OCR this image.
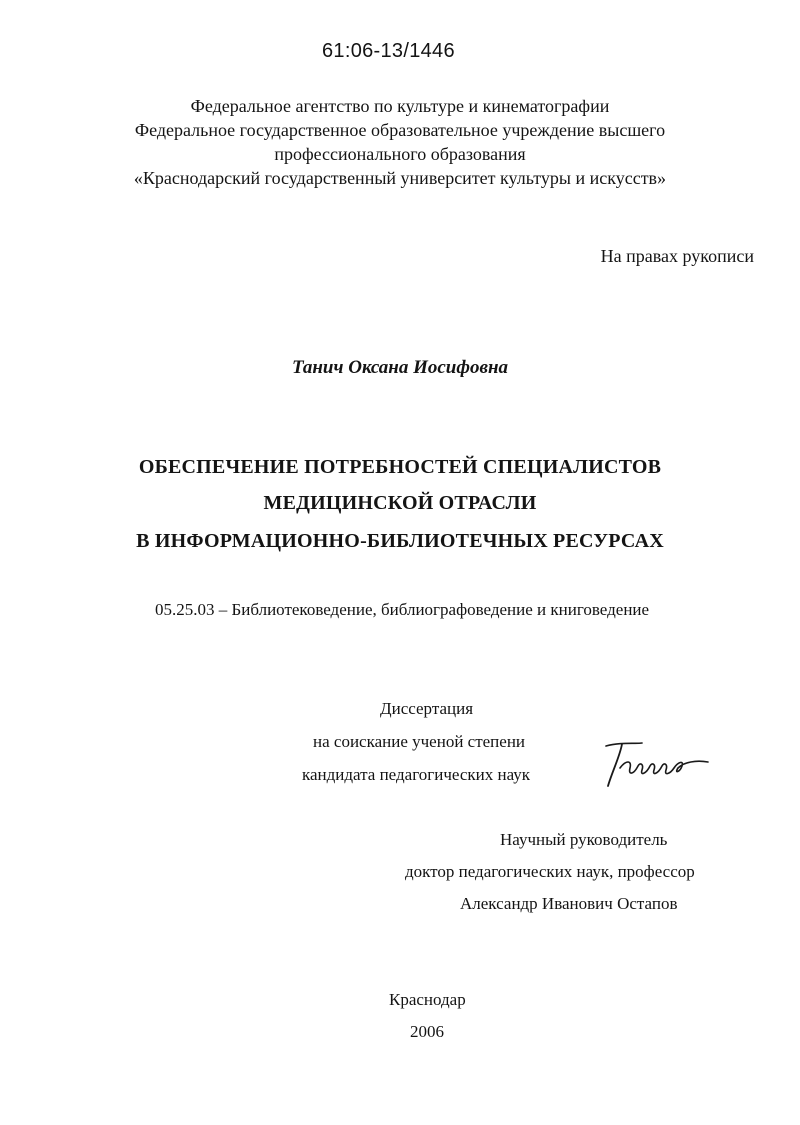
61:06-13/1446
Федеральное агентство по культуре и кинематографии
Федеральное государственное образовательное учреждение высшего
профессионального образования
«Краснодарский государственный университет культуры и искусств»
На правах рукописи
Танич Оксана Иосифовна
ОБЕСПЕЧЕНИЕ ПОТРЕБНОСТЕЙ СПЕЦИАЛИСТОВ
МЕДИЦИНСКОЙ ОТРАСЛИ
В ИНФОРМАЦИОННО-БИБЛИОТЕЧНЫХ РЕСУРСАХ
05.25.03 – Библиотековедение, библиографоведение и книговедение
Диссертация
на соискание ученой степени
кандидата педагогических наук
Научный руководитель
доктор педагогических наук, профессор
Александр Иванович Остапов
Краснодар
2006
